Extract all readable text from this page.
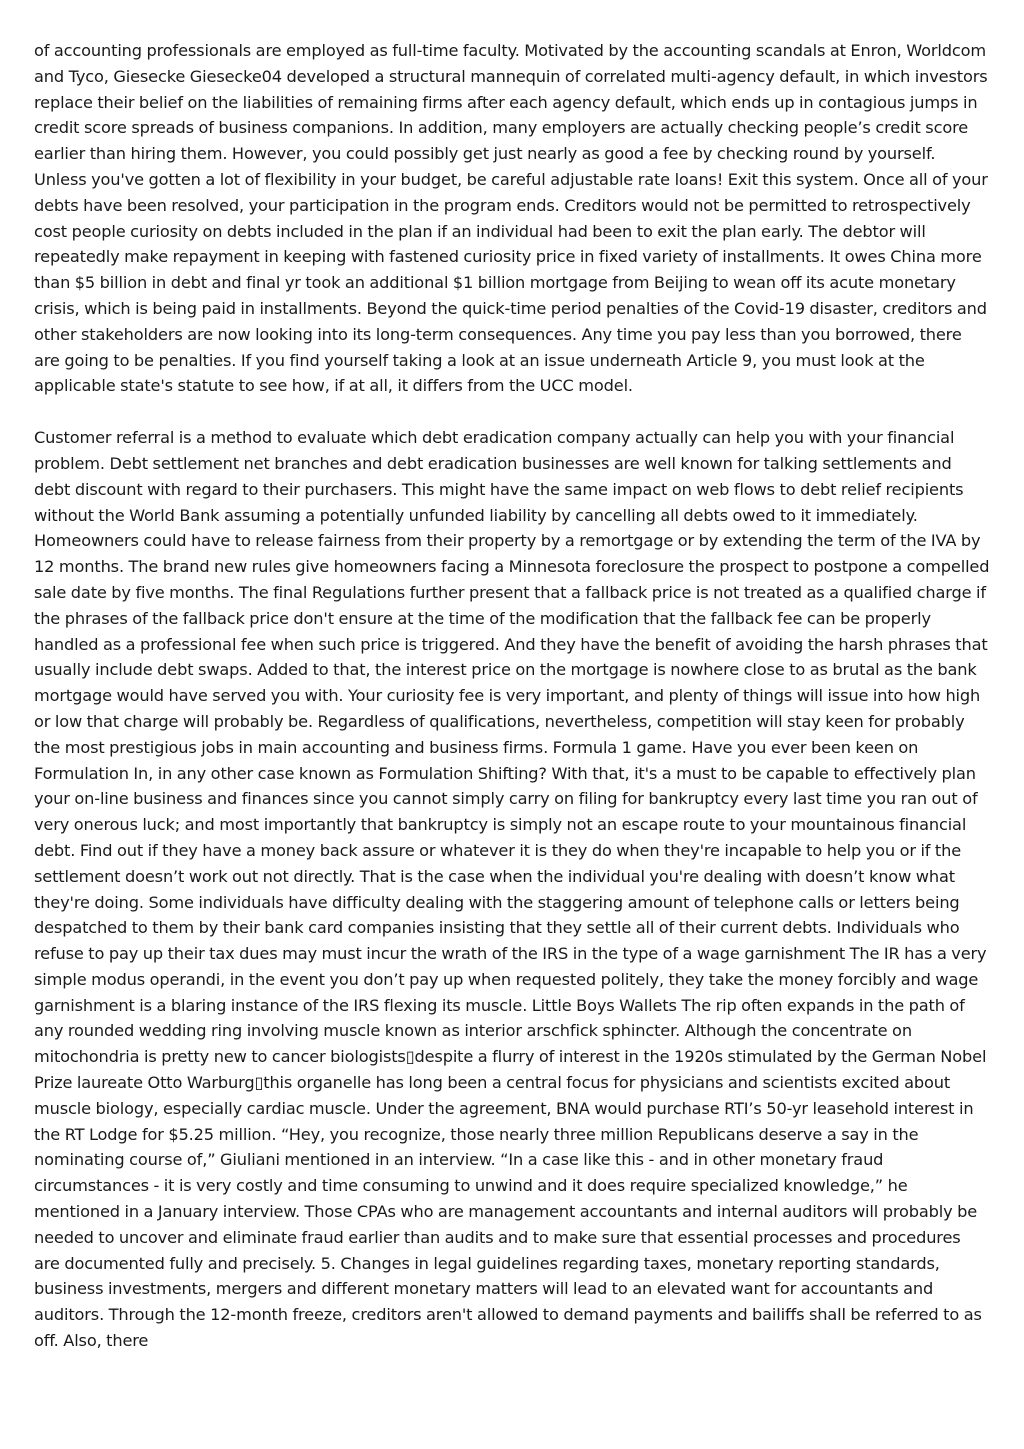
of accounting professionals are employed as full-time faculty. Motivated by the accounting scandals at Enron, Worldcom and Tyco, Giesecke Giesecke04 developed a structural mannequin of correlated multi-agency default, in which investors replace their belief on the liabilities of remaining firms after each agency default, which ends up in contagious jumps in credit score spreads of business companions. In addition, many employers are actually checking people’s credit score earlier than hiring them. However, you could possibly get just nearly as good a fee by checking round by yourself. Unless you've gotten a lot of flexibility in your budget, be careful adjustable rate loans! Exit this system. Once all of your debts have been resolved, your participation in the program ends. Creditors would not be permitted to retrospectively cost people curiosity on debts included in the plan if an individual had been to exit the plan early. The debtor will repeatedly make repayment in keeping with fastened curiosity price in fixed variety of installments. It owes China more than $5 billion in debt and final yr took an additional $1 billion mortgage from Beijing to wean off its acute monetary crisis, which is being paid in installments. Beyond the quick-time period penalties of the Covid-19 disaster, creditors and other stakeholders are now looking into its long-term consequences. Any time you pay less than you borrowed, there are going to be penalties. If you find yourself taking a look at an issue underneath Article 9, you must look at the applicable state's statute to see how, if at all, it differs from the UCC model.

Customer referral is a method to evaluate which debt eradication company actually can help you with your financial problem. Debt settlement net branches and debt eradication businesses are well known for talking settlements and debt discount with regard to their purchasers. This might have the same impact on web flows to debt relief recipients without the World Bank assuming a potentially unfunded liability by cancelling all debts owed to it immediately. Homeowners could have to release fairness from their property by a remortgage or by extending the term of the IVA by 12 months. The brand new rules give homeowners facing a Minnesota foreclosure the prospect to postpone a compelled sale date by five months. The final Regulations further present that a fallback price is not treated as a qualified charge if the phrases of the fallback price don't ensure at the time of the modification that the fallback fee can be properly handled as a professional fee when such price is triggered. And they have the benefit of avoiding the harsh phrases that usually include debt swaps. Added to that, the interest price on the mortgage is nowhere close to as brutal as the bank mortgage would have served you with. Your curiosity fee is very important, and plenty of things will issue into how high or low that charge will probably be. Regardless of qualifications, nevertheless, competition will stay keen for probably the most prestigious jobs in main accounting and business firms. Formula 1 game. Have you ever been keen on Formulation In, in any other case known as Formulation Shifting? With that, it's a must to be capable to effectively plan your on-line business and finances since you cannot simply carry on filing for bankruptcy every last time you ran out of very onerous luck; and most importantly that bankruptcy is simply not an escape route to your mountainous financial debt. Find out if they have a money back assure or whatever it is they do when they're incapable to help you or if the settlement doesn’t work out not directly. That is the case when the individual you're dealing with doesn’t know what they're doing. Some individuals have difficulty dealing with the staggering amount of telephone calls or letters being despatched to them by their bank card companies insisting that they settle all of their current debts. Individuals who refuse to pay up their tax dues may must incur the wrath of the IRS in the type of a wage garnishment The IR has a very simple modus operandi, in the event you don’t pay up when requested politely, they take the money forcibly and wage garnishment is a blaring instance of the IRS flexing its muscle. Little Boys Wallets The rip often expands in the path of any rounded wedding ring involving muscle known as interior arschfick sphincter. Although the concentrate on mitochondria is pretty new to cancer biologists▯despite a flurry of interest in the 1920s stimulated by the German Nobel Prize laureate Otto Warburg▯this organelle has long been a central focus for physicians and scientists excited about muscle biology, especially cardiac muscle. Under the agreement, BNA would purchase RTI’s 50-yr leasehold interest in the RT Lodge for $5.25 million. “Hey, you recognize, those nearly three million Republicans deserve a say in the nominating course of,” Giuliani mentioned in an interview. “In a case like this - and in other monetary fraud circumstances - it is very costly and time consuming to unwind and it does require specialized knowledge,” he mentioned in a January interview. Those CPAs who are management accountants and internal auditors will probably be needed to uncover and eliminate fraud earlier than audits and to make sure that essential processes and procedures are documented fully and precisely. 5. Changes in legal guidelines regarding taxes, monetary reporting standards, business investments, mergers and different monetary matters will lead to an elevated want for accountants and auditors. Through the 12-month freeze, creditors aren't allowed to demand payments and bailiffs shall be referred to as off. Also, there
